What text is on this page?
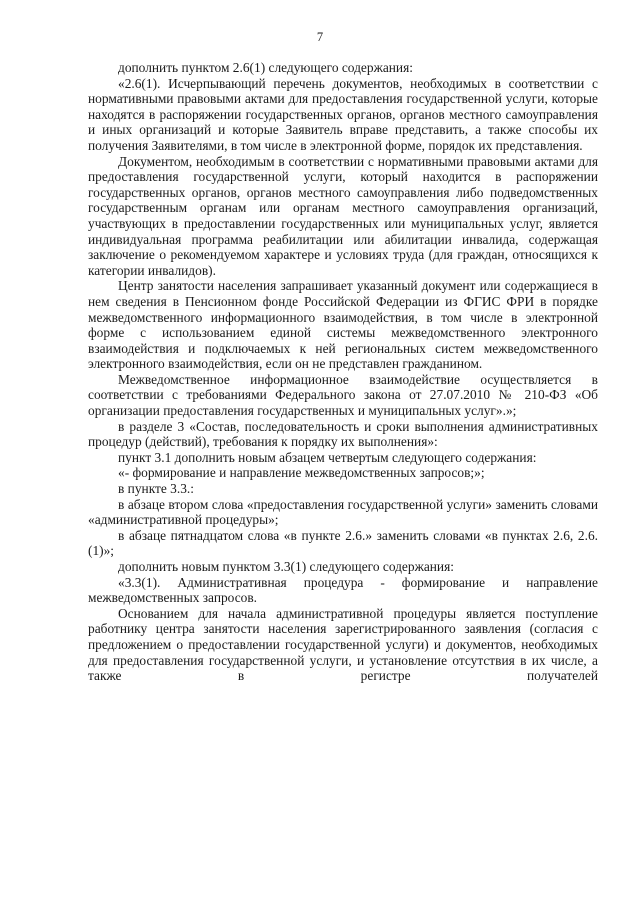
7

дополнить пунктом 2.6(1) следующего содержания:

«2.6(1). Исчерпывающий перечень документов, необходимых в соответствии с нормативными правовыми актами для предоставления государственной услуги, которые находятся в распоряжении государственных органов, органов местного самоуправления и иных организаций и которые Заявитель вправе представить, а также способы их получения Заявителями, в том числе в электронной форме, порядок их представления.

Документом, необходимым в соответствии с нормативными правовыми актами для предоставления государственной услуги, который находится в распоряжении государственных органов, органов местного самоуправления либо подведомственных государственным органам или органам местного самоуправления организаций, участвующих в предоставлении государственных или муниципальных услуг, является индивидуальная программа реабилитации или абилитации инвалида, содержащая заключение о рекомендуемом характере и условиях труда (для граждан, относящихся к категории инвалидов).

Центр занятости населения запрашивает указанный документ или содержащиеся в нем сведения в Пенсионном фонде Российской Федерации из ФГИС ФРИ в порядке межведомственного информационного взаимодействия, в том числе в электронной форме с использованием единой системы межведомственного электронного взаимодействия и подключаемых к ней региональных систем межведомственного электронного взаимодействия, если он не представлен гражданином.

Межведомственное информационное взаимодействие осуществляется в соответствии с требованиями Федерального закона от 27.07.2010 № 210-ФЗ «Об организации предоставления государственных и муниципальных услуг».»;

в разделе 3 «Состав, последовательность и сроки выполнения административных процедур (действий), требования к порядку их выполнения»:

пункт 3.1 дополнить новым абзацем четвертым следующего содержания:

«- формирование и направление межведомственных запросов;»;

в пункте 3.3.:

в абзаце втором слова «предоставления государственной услуги» заменить словами «административной процедуры»;

в абзаце пятнадцатом слова «в пункте 2.6.» заменить словами «в пунктах 2.6, 2.6.(1)»;

дополнить новым пунктом 3.3(1) следующего содержания:

«3.3(1). Административная процедура - формирование и направление межведомственных запросов.

Основанием для начала административной процедуры является поступление работнику центра занятости населения зарегистрированного заявления (согласия с предложением о предоставлении государственной услуги) и документов, необходимых для предоставления государственной услуги, и установление отсутствия в их числе, а также в регистре получателей
